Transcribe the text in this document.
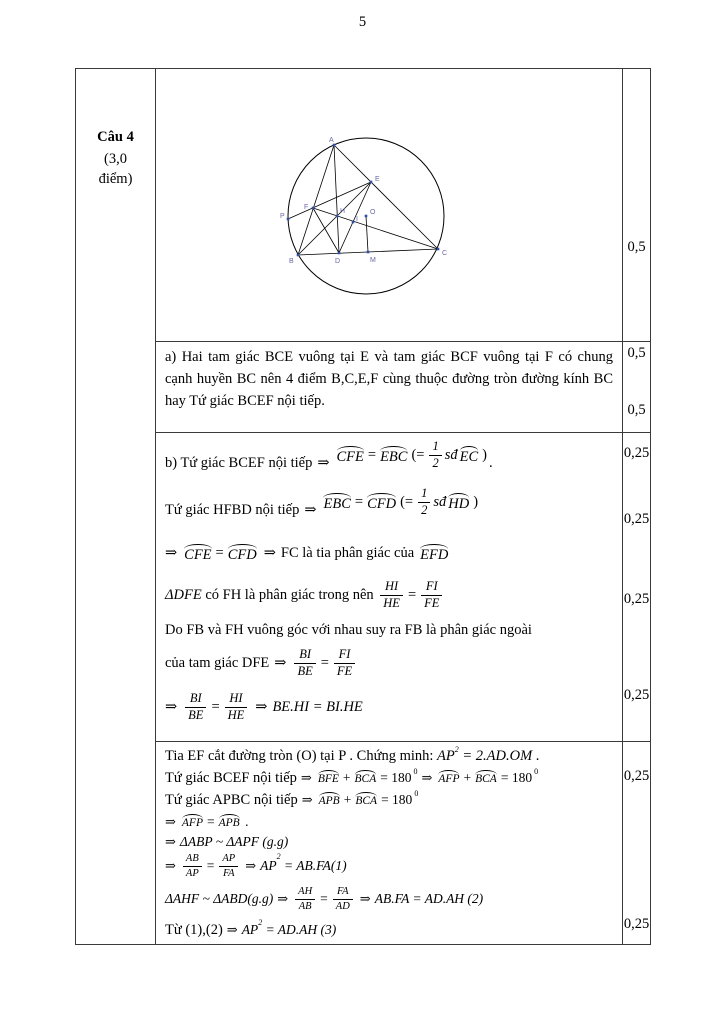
5
Câu 4
(3,0 điểm)
A
B
C
D
E
F
H
I
M
O
P
0,5

a) Hai tam giác BCE vuông tại E và tam giác BCF vuông tại F có chung cạnh huyền BC nên 4 điểm B,C,E,F cùng thuộc đường tròn đường kính BC hay Tứ giác BCEF nội tiếp.

0,5
0,5
b) Tứ giác BCEF nội tiếp ⇒ CFE = EBC (= $\frac{1}{2}$ sđ EC ) .
Tứ giác HFBD nội tiếp ⇒ EBC = CFD (= $\frac{1}{2}$ sđ HD )
⇒ CFE = CFD ⇒ FC là tia phân giác của EFD
ΔDFE có FH là phân giác trong nên $\frac{HI}{HE} = \frac{FI}{FE}$
Do FB và FH vuông góc với nhau suy ra FB là phân giác ngoài
của tam giác DFE ⇒ $\frac{BI}{BE} = \frac{FI}{FE}$
⇒ $\frac{BI}{BE} = \frac{HI}{HE}$ ⇒ BE.HI = BI.HE
0,25
0,25
0,25
0,25
Tia EF cắt đường tròn (O) tại P . Chứng minh: AP 2 = 2.AD.OM .
Tứ giác BCEF nội tiếp ⇒ BFE + BCA = 180 0 ⇒ AFP + BCA = 180 0
Tứ giác APBC nội tiếp ⇒ APB + BCA = 180 0
⇒ AFP = APB .
⇒ ΔABP ~ ΔAPF (g.g)
⇒ $\frac{AB}{AP} = \frac{AP}{FA}$ ⇒ AP
2
= AB.FA(1)
ΔAHF ~ ΔABD(g.g) ⇒ $\frac{AH}{AB} = \frac{FA}{AD}$ ⇒ AB.FA = AD.AH (2)
Từ (1),(2) ⇒ AP 2 = AD.AH (3)
0,25
0,25
